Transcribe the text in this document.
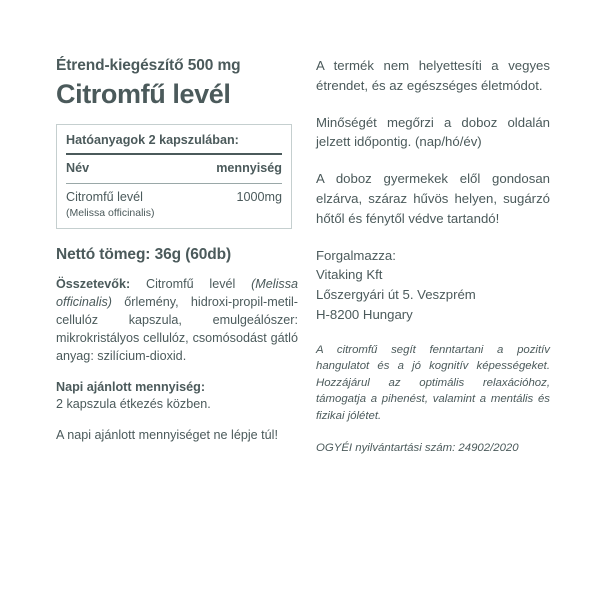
Étrend-kiegészítő 500 mg
Citromfű levél
Hatóanyagok 2 kapszulában:
Név	mennyiség
Citromfű levél	1000mg
(Melissa officinalis)
Nettó tömeg: 36g (60db)

Összetevők: Citromfű levél (Melissa officinalis) őrlemény, hidroxi-propil-metil-cellulóz kapszula, emulgeálószer: mikrokristályos cellulóz, csomósodást gátló anyag: szilícium-dioxid.

Napi ajánlott mennyiség:
2 kapszula étkezés közben.

A napi ajánlott mennyiséget ne lépje túl!

A termék nem helyettesíti a vegyes étrendet, és az egészséges életmódot.

Minőségét megőrzi a doboz oldalán jelzett időpontig. (nap/hó/év)

A doboz gyermekek elől gondosan elzárva, száraz hűvös helyen, sugárzó hőtől és fénytől védve tartandó!

Forgalmazza:
Vitaking Kft
Lőszergyári út 5. Veszprém
H-8200 Hungary

A citromfű segít fenntartani a pozitív hangulatot és a jó kognitív képességeket. Hozzájárul az optimális relaxációhoz, támogatja a pihenést, valamint a mentális és fizikai jólétet.

OGYÉI nyilvántartási szám: 24902/2020
